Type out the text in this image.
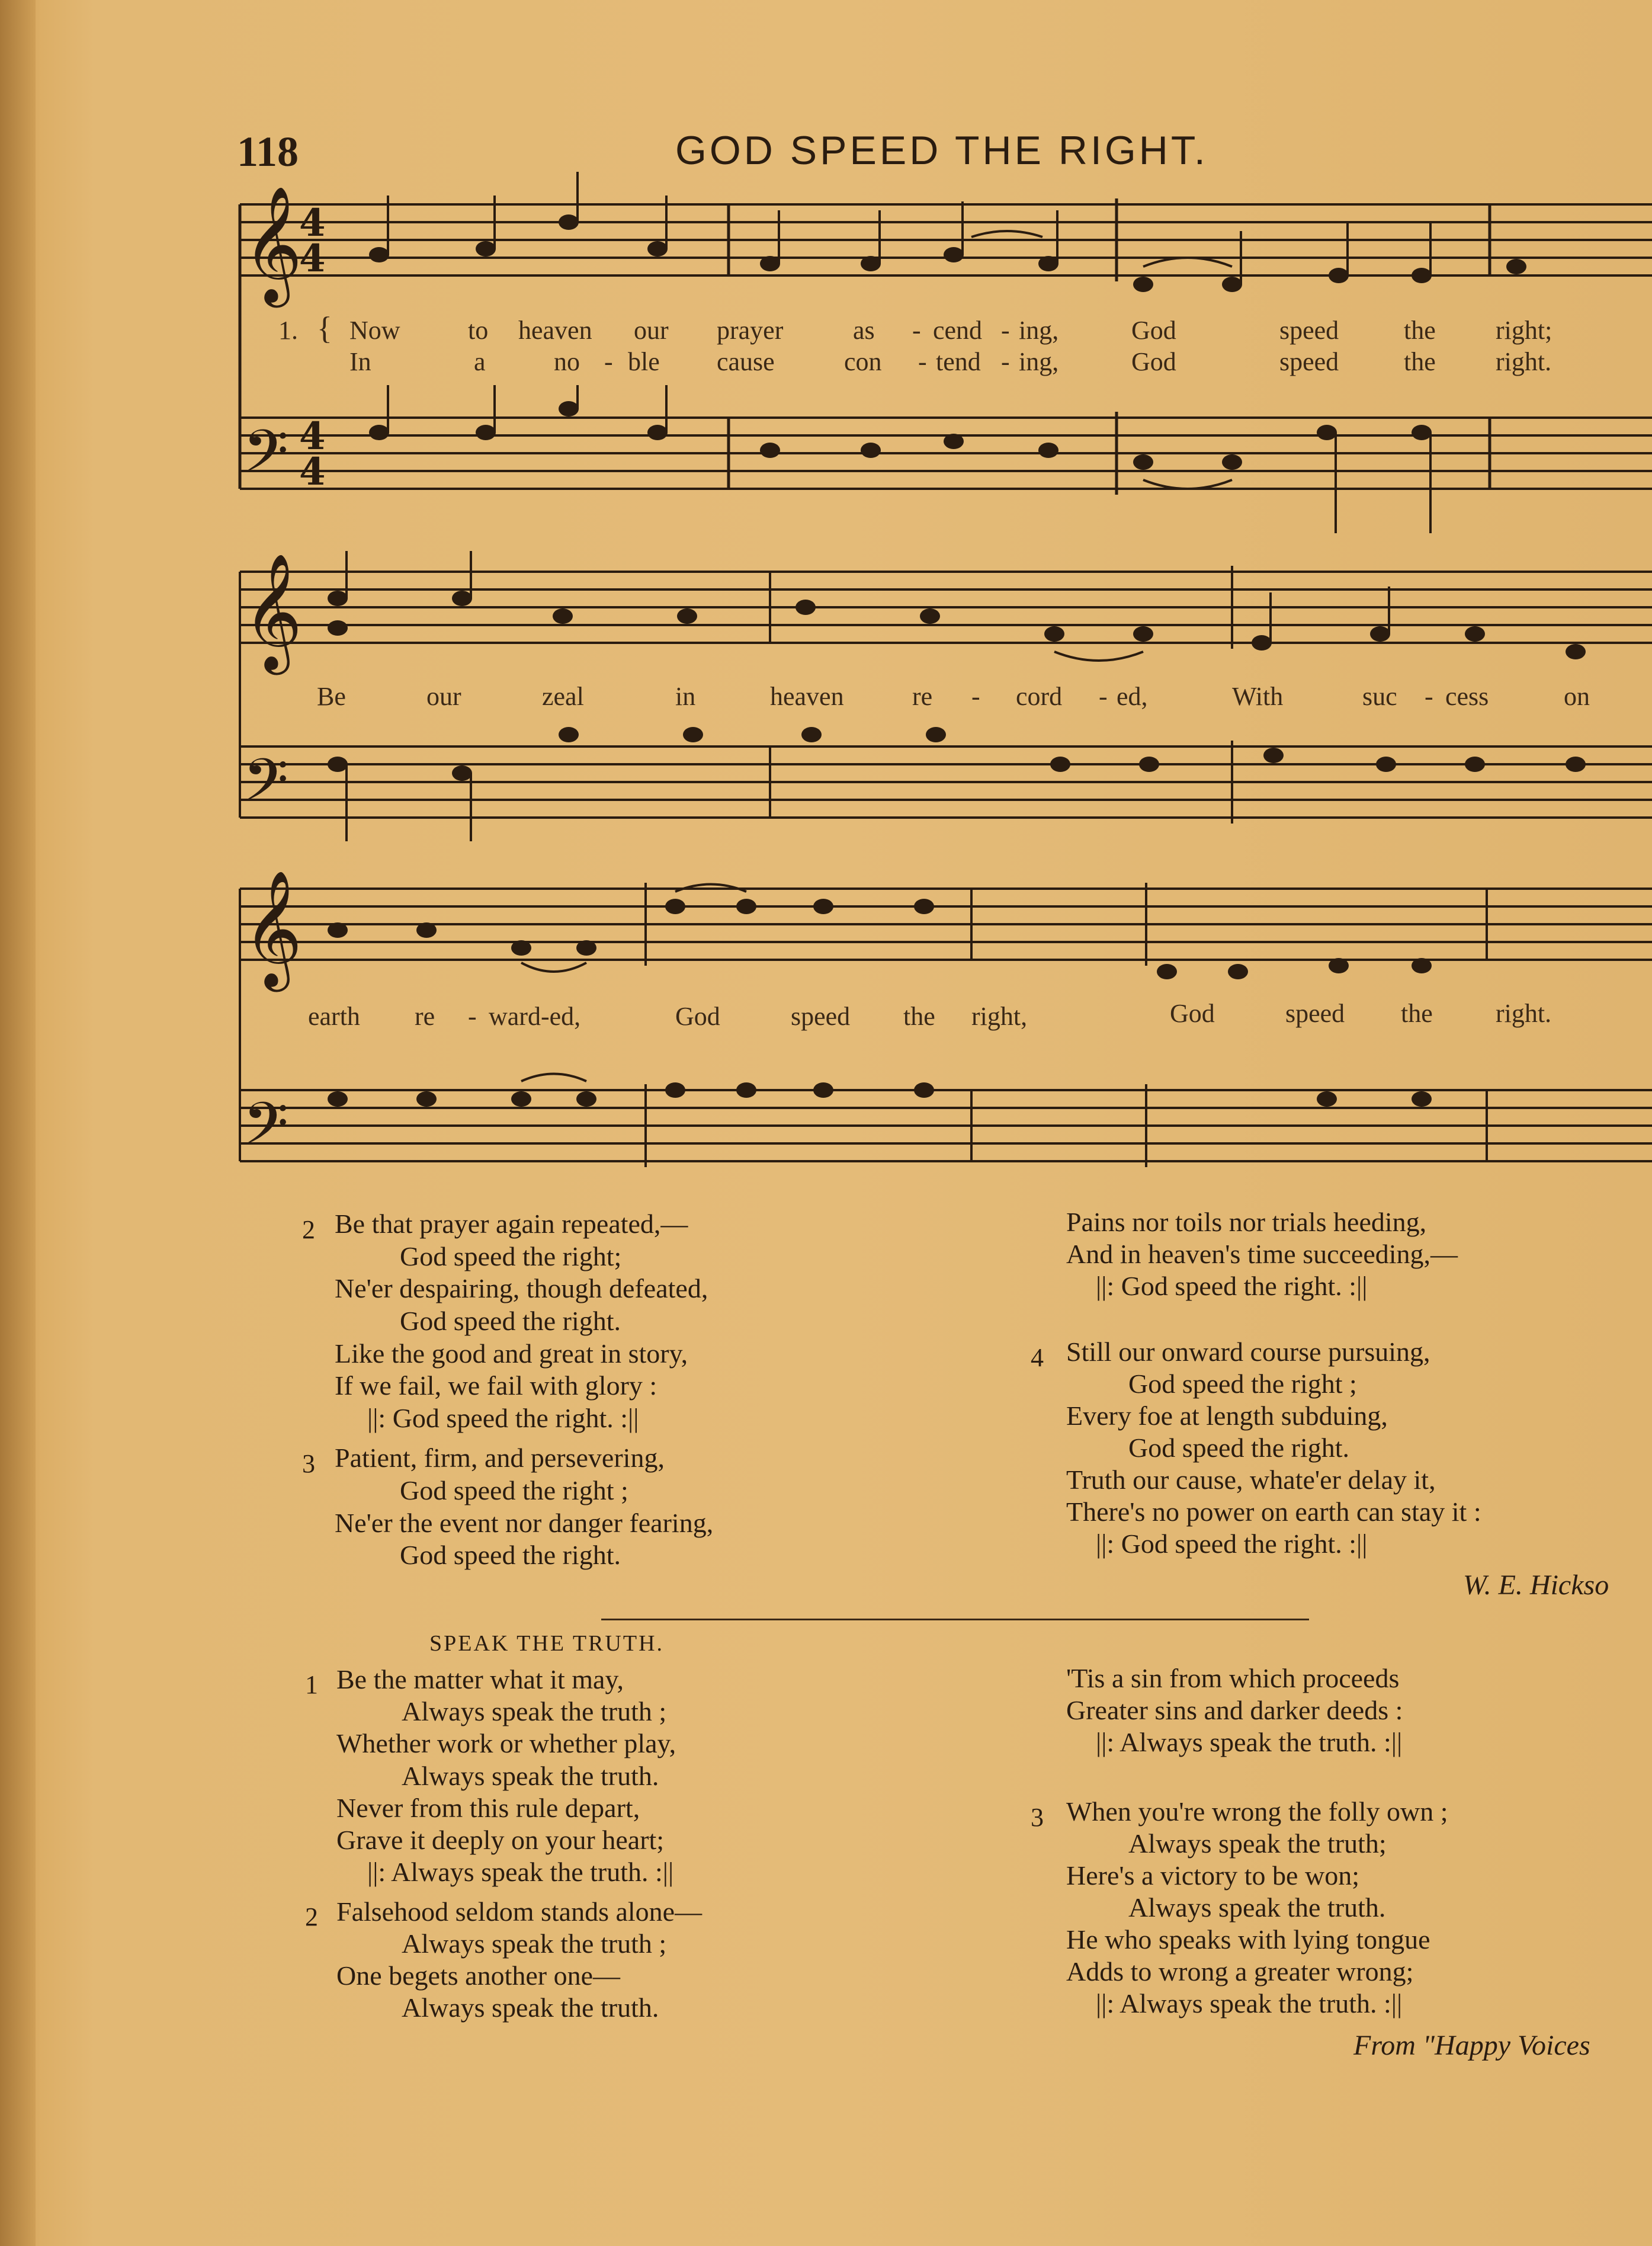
118	GOD SPEED THE RIGHT.
𝄞
4
4
𝄢 4
4
𝄞
𝄢
𝄞
𝄢
1. { Now	to heaven our prayer	as - cend - ing,	God	speed the right;
In	a	no - ble cause	con - tend - ing,	God	speed the right.
Be	our	zeal	in	heaven	re - cord - ed,	With	suc - cess	on
earth re - ward-ed,	God	speed the right,	God	speed the right.
2 Be that prayer again repeated,—
God speed the right;
Ne'er despairing, though defeated,
God speed the right.
Like the good and great in story,
If we fail, we fail with glory :
||: God speed the right. :||
3 Patient, firm, and persevering,
God speed the right ;
Ne'er the event nor danger fearing,
God speed the right.
Pains nor toils nor trials heeding,
And in heaven's time succeeding,—
||: God speed the right. :||
4 Still our onward course pursuing,
God speed the right ;
Every foe at length subduing,
God speed the right.
Truth our cause, whate'er delay it,
There's no power on earth can stay it :
||: God speed the right. :||
W. E. Hickso
SPEAK THE TRUTH.
1 Be the matter what it may,
Always speak the truth ;
Whether work or whether play,
Always speak the truth.
Never from this rule depart,
Grave it deeply on your heart;
||: Always speak the truth. :||
2 Falsehood seldom stands alone—
Always speak the truth ;
One begets another one—
Always speak the truth.
'Tis a sin from which proceeds
Greater sins and darker deeds :
||: Always speak the truth. :||
3 When you're wrong the folly own ;
Always speak the truth;
Here's a victory to be won;
Always speak the truth.
He who speaks with lying tongue
Adds to wrong a greater wrong;
||: Always speak the truth. :||
From "Happy Voices
